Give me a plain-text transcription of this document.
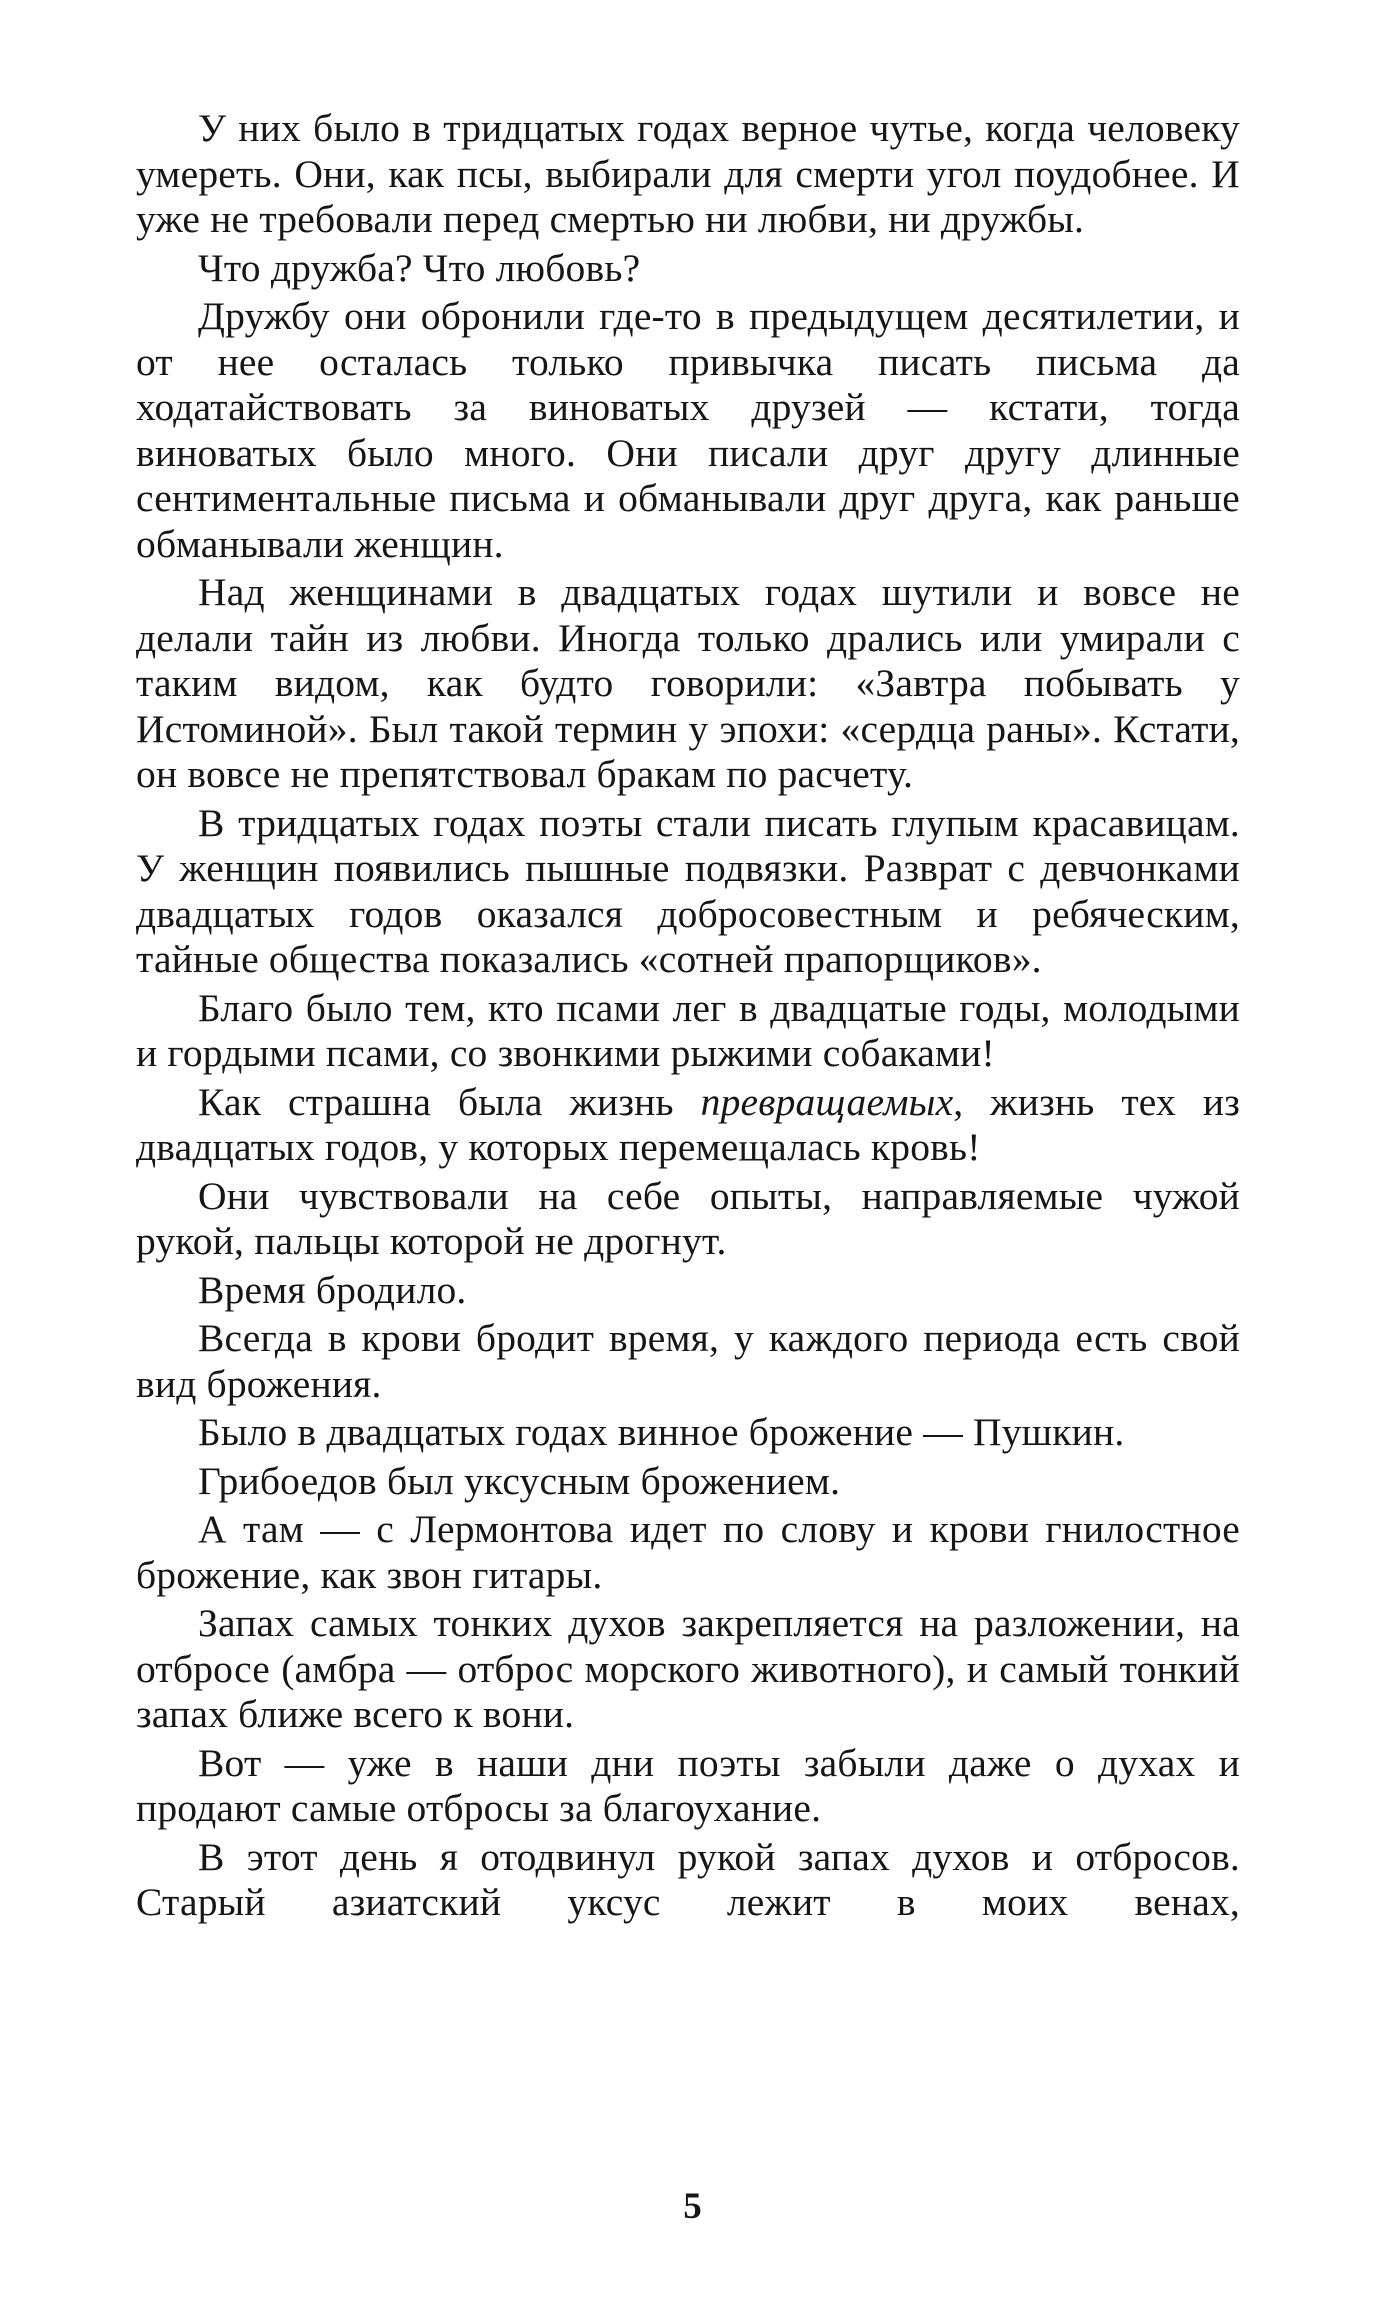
У них было в тридцатых годах верное чутье, когда человеку умереть. Они, как псы, выбирали для смерти угол поудобнее. И уже не требовали перед смертью ни любви, ни дружбы.

Что дружба? Что любовь?

Дружбу они обронили где-то в предыдущем десятилетии, и от нее осталась только привычка писать письма да ходатайствовать за виноватых друзей — кстати, тогда виноватых было много. Они писали друг другу длинные сентиментальные письма и обманывали друг друга, как раньше обманывали женщин.

Над женщинами в двадцатых годах шутили и вовсе не делали тайн из любви. Иногда только дрались или умирали с таким видом, как будто говорили: «Завтра побывать у Истоминой». Был такой термин у эпохи: «сердца раны». Кстати, он вовсе не препятствовал бракам по расчету.

В тридцатых годах поэты стали писать глупым красавицам. У женщин появились пышные подвязки. Разврат с девчонками двадцатых годов оказался добросовестным и ребяческим, тайные общества показались «сотней прапорщиков».

Благо было тем, кто псами лег в двадцатые годы, молодыми и гордыми псами, со звонкими рыжими собаками!

Как страшна была жизнь превращаемых, жизнь тех из двадцатых годов, у которых перемещалась кровь!

Они чувствовали на себе опыты, направляемые чужой рукой, пальцы которой не дрогнут.

Время бродило.

Всегда в крови бродит время, у каждого периода есть свой вид брожения.

Было в двадцатых годах винное брожение — Пушкин.

Грибоедов был уксусным брожением.

А там — с Лермонтова идет по слову и крови гнилостное брожение, как звон гитары.

Запах самых тонких духов закрепляется на разложении, на отбросе (амбра — отброс морского животного), и самый тонкий запах ближе всего к вони.

Вот — уже в наши дни поэты забыли даже о духах и продают самые отбросы за благоухание.

В этот день я отодвинул рукой запах духов и отбросов. Старый азиатский уксус лежит в моих венах,

5
